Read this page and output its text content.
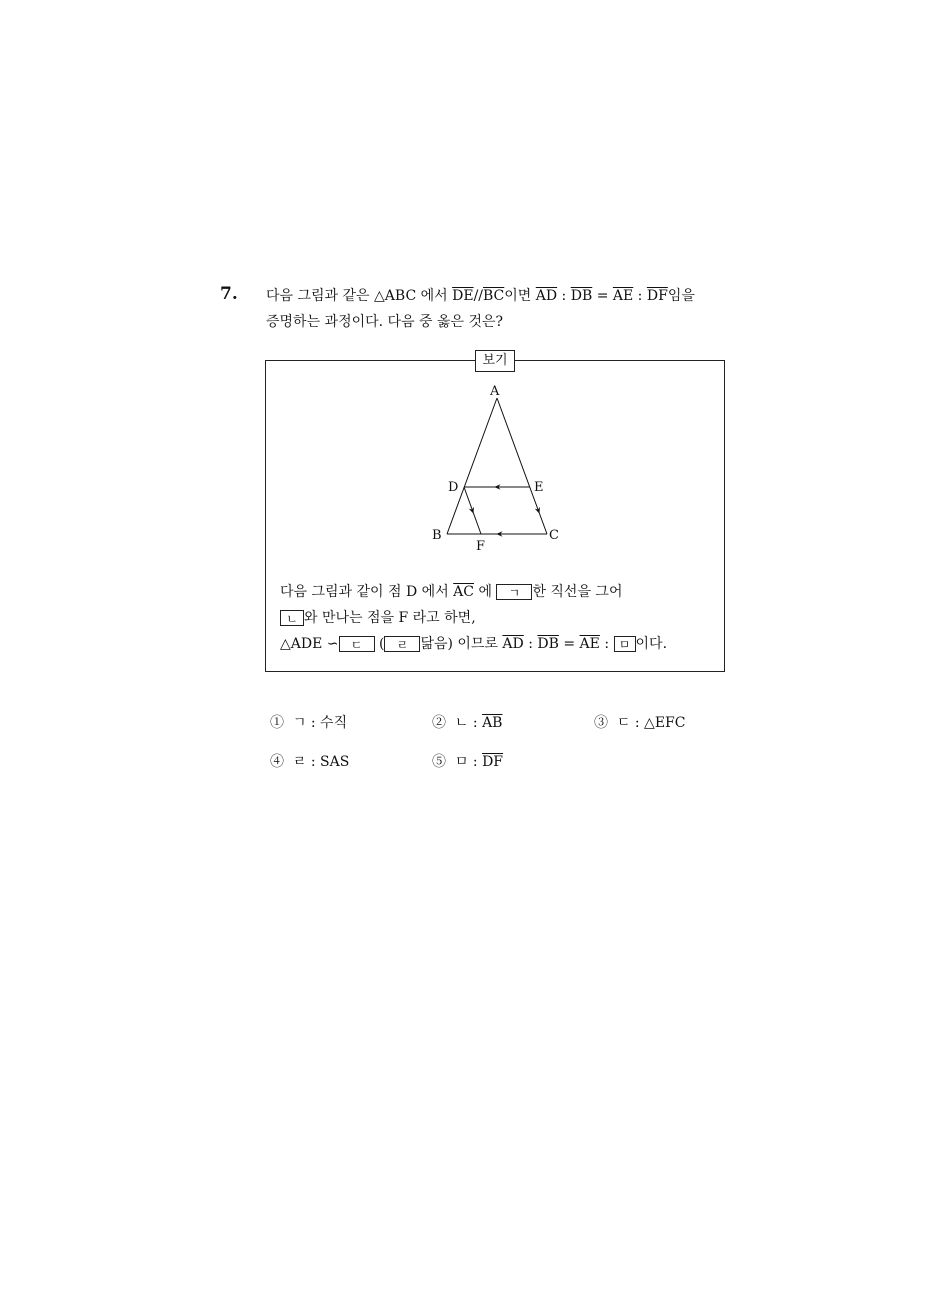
7. 다음 그림과 같은 △ABC 에서 $\overline{DE}//\overline{BC}$이면 $\overline{AD}$ : $\overline{DB} = \overline{AE}$ : $\overline{DF}$임을
증명하는 과정이다. 다음 중 옳은 것은?
보기
A
D	E
B	C
F
다음 그림과 같이 점 D 에서 $\overline{AC}$ 에 ㄱ 한 직선을 그어
ㄴ 와 만나는 점을 F 라고 하면,
△ADE ∽ ㄷ ( ㄹ 닮음) 이므로 $\overline{AD}$ : $\overline{DB} = \overline{AE}$ : ㅁ 이다.
① ㄱ : 수직	② ㄴ : $\overline{AB}$	③ ㄷ : △EFC
④ ㄹ : SAS	⑤ ㅁ : $\overline{DF}$
